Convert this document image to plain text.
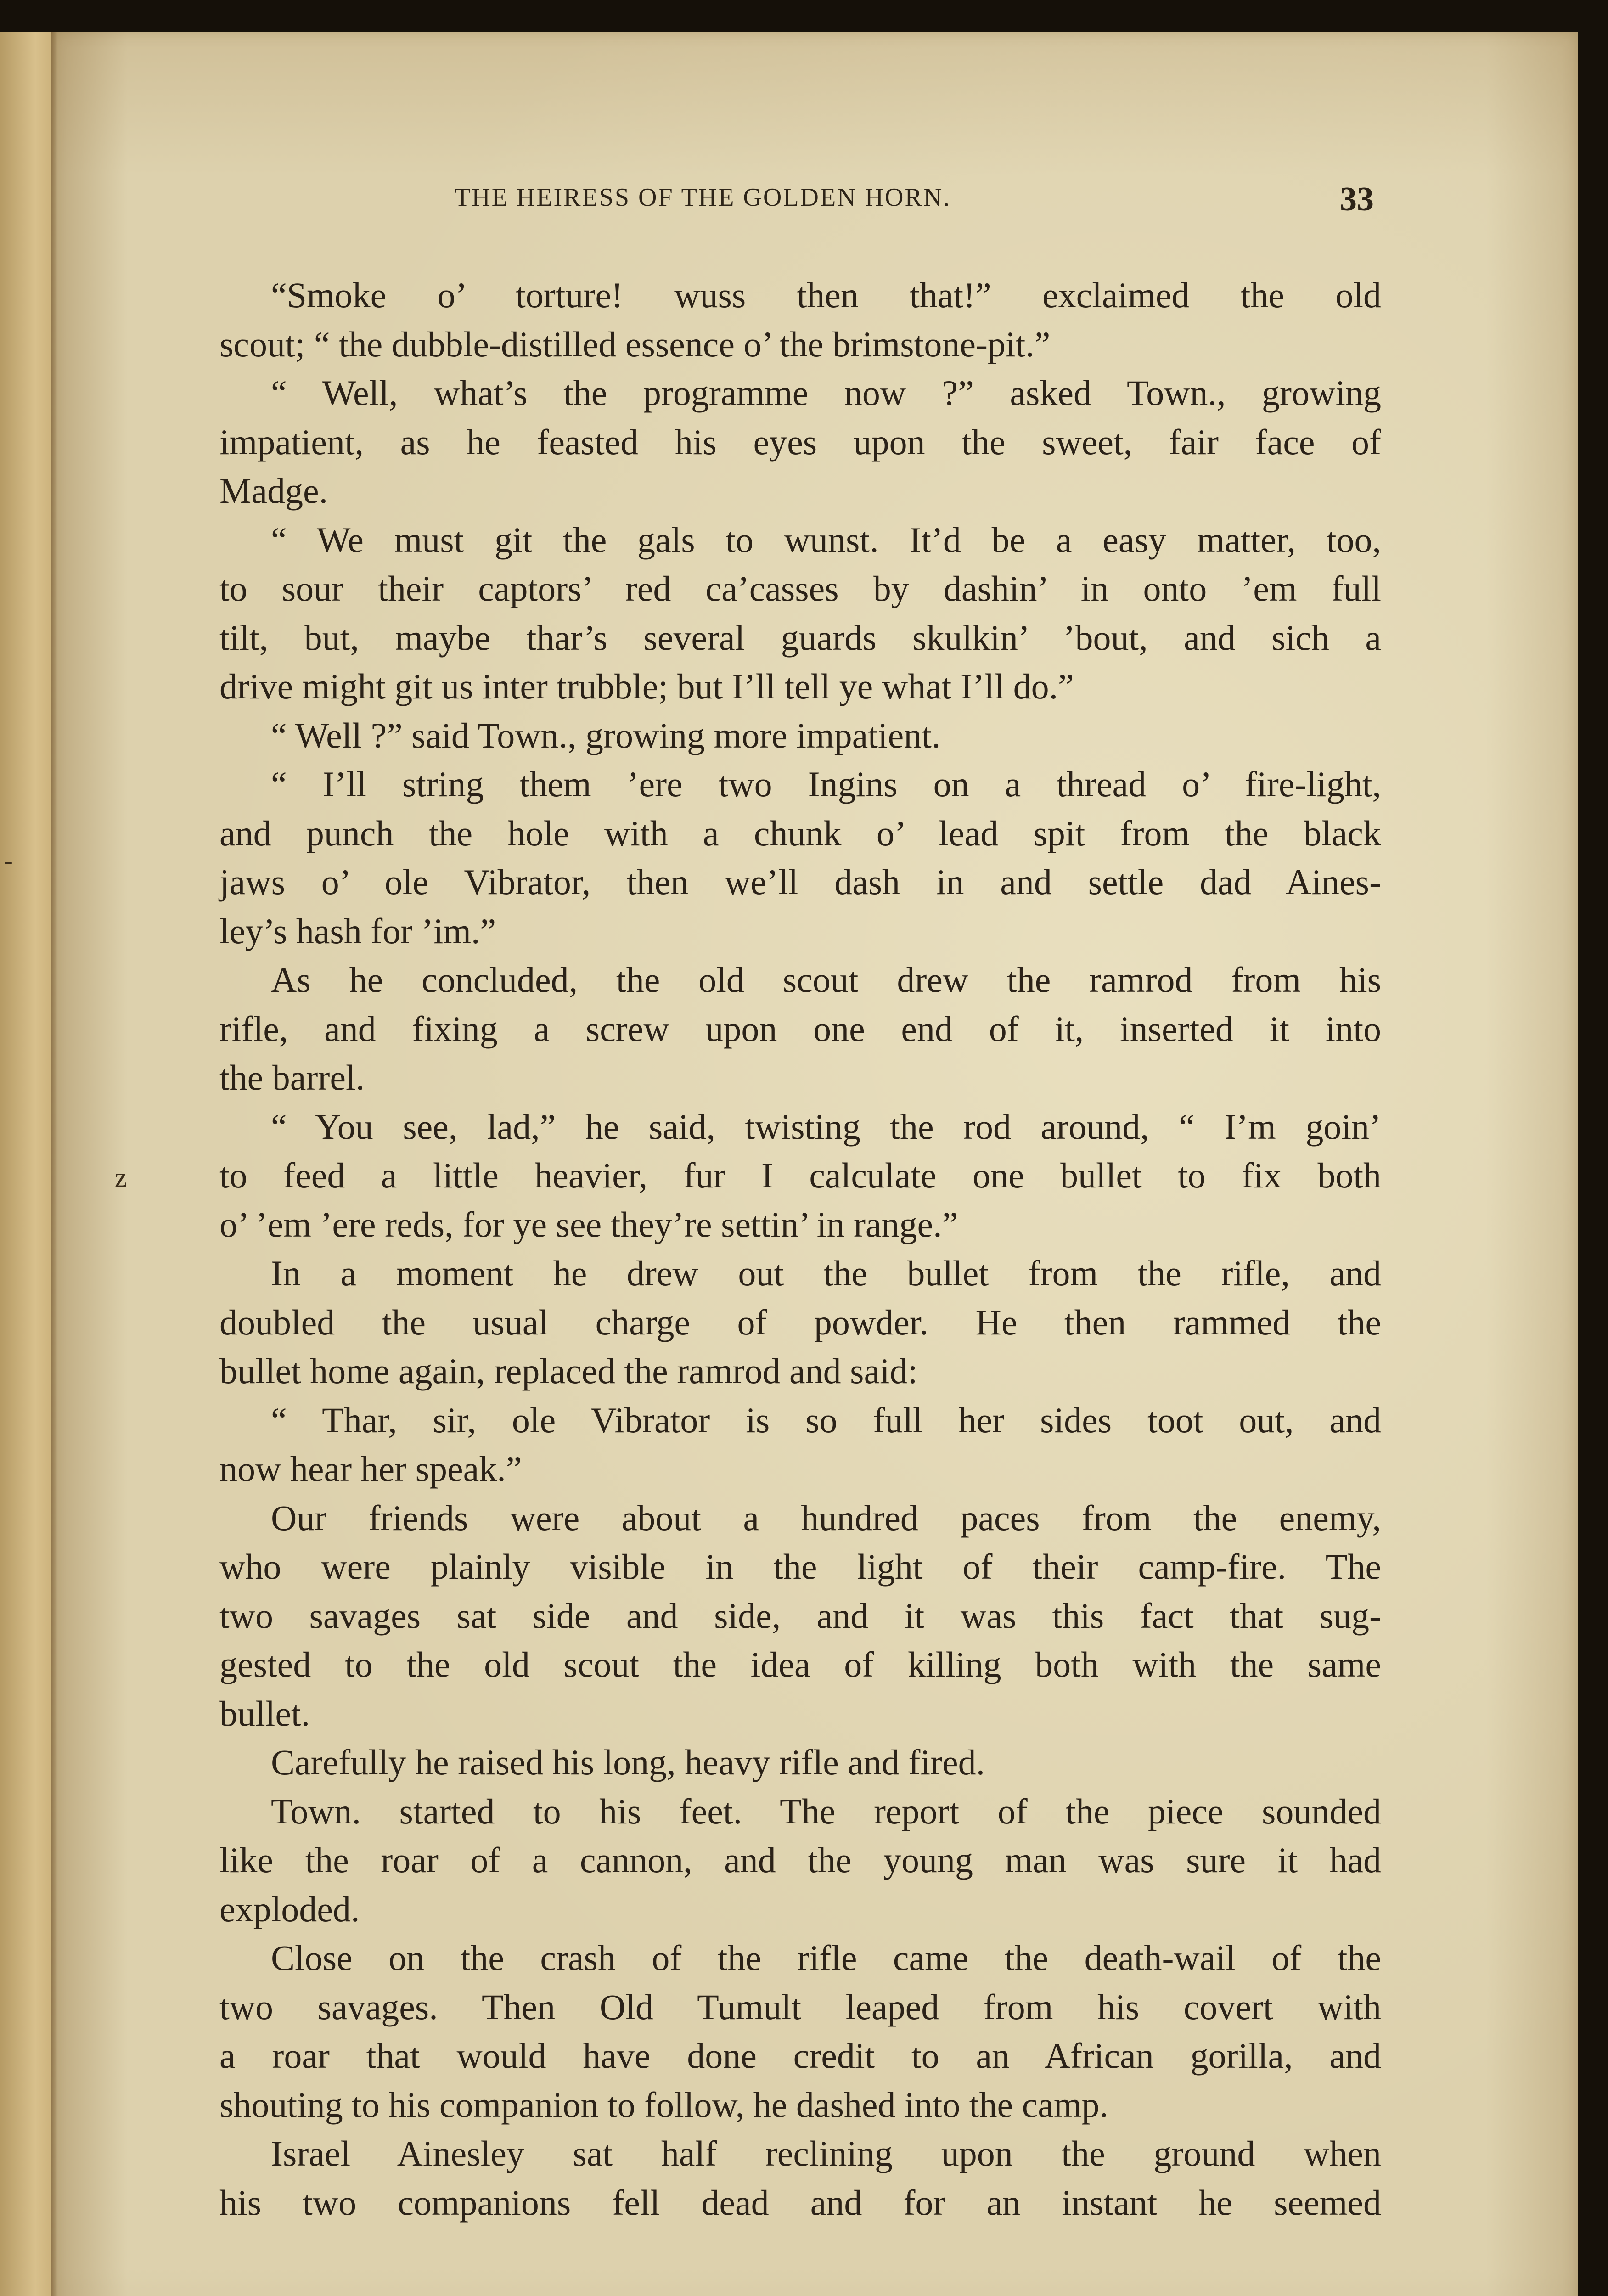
THE HEIRESS OF THE GOLDEN HORN.	33
“Smoke o’ torture! wuss then that!” exclaimed the old
scout; “ the dubble-distilled essence o’ the brimstone-pit.”
“ Well, what’s the programme now ?” asked Town., growing
impatient, as he feasted his eyes upon the sweet, fair face of
Madge.
“ We must git the gals to wunst. It’d be a easy matter, too,
to sour their captors’ red ca’casses by dashin’ in onto ’em full
tilt, but, maybe thar’s several guards skulkin’ ’bout, and sich a
drive might git us inter trubble; but I’ll tell ye what I’ll do.”
“ Well ?” said Town., growing more impatient.
“ I’ll string them ’ere two Ingins on a thread o’ fire-light,
and punch the hole with a chunk o’ lead spit from the black
jaws o’ ole Vibrator, then we’ll dash in and settle dad Aines-
ley’s hash for ’im.”
As he concluded, the old scout drew the ramrod from his
rifle, and fixing a screw upon one end of it, inserted it into
the barrel.
“ You see, lad,” he said, twisting the rod around, “ I’m goin’
to feed a little heavier, fur I calculate one bullet to fix both
o’ ’em ’ere reds, for ye see they’re settin’ in range.”
In a moment he drew out the bullet from the rifle, and
doubled the usual charge of powder. He then rammed the
bullet home again, replaced the ramrod and said:
“ Thar, sir, ole Vibrator is so full her sides toot out, and
now hear her speak.”
Our friends were about a hundred paces from the enemy,
who were plainly visible in the light of their camp-fire. The
two savages sat side and side, and it was this fact that sug-
gested to the old scout the idea of killing both with the same
bullet.
Carefully he raised his long, heavy rifle and fired.
Town. started to his feet. The report of the piece sounded
like the roar of a cannon, and the young man was sure it had
exploded.
Close on the crash of the rifle came the death-wail of the
two savages. Then Old Tumult leaped from his covert with
a roar that would have done credit to an African gorilla, and
shouting to his companion to follow, he dashed into the camp.
Israel Ainesley sat half reclining upon the ground when
his two companions fell dead and for an instant he seemed
‐
z
